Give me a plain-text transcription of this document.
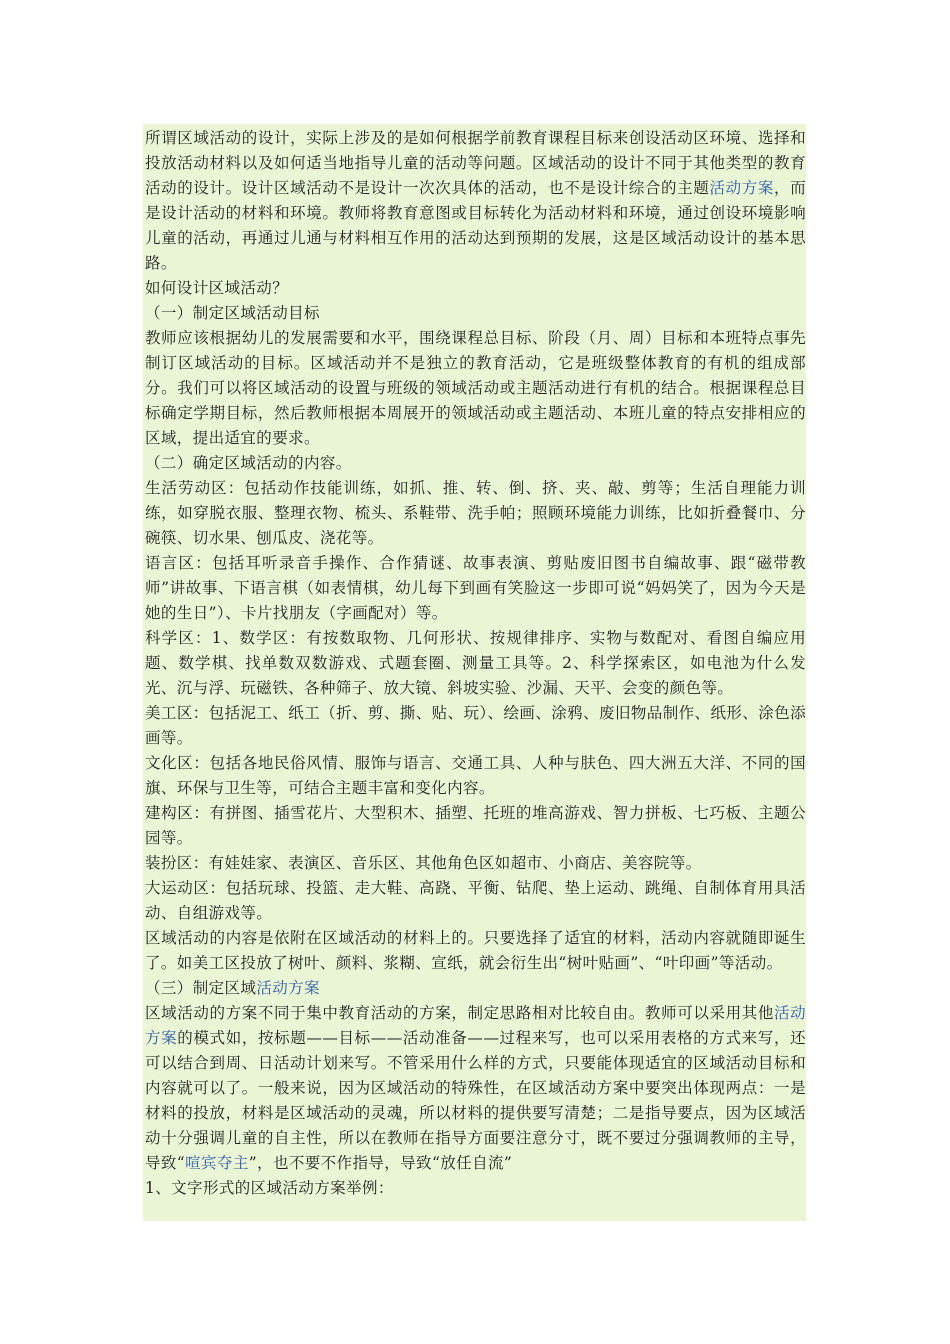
所谓区域活动的设计，实际上涉及的是如何根据学前教育课程目标来创设活动区环境、选择和投放活动材料以及如何适当地指导儿童的活动等问题。区域活动的设计不同于其他类型的教育活动的设计。设计区域活动不是设计一次次具体的活动，也不是设计综合的主题活动方案，而是设计活动的材料和环境。教师将教育意图或目标转化为活动材料和环境，通过创设环境影响儿童的活动，再通过儿通与材料相互作用的活动达到预期的发展，这是区域活动设计的基本思路。

如何设计区域活动？

（一）制定区域活动目标

教师应该根据幼儿的发展需要和水平，围绕课程总目标、阶段（月、周）目标和本班特点事先制订区域活动的目标。区域活动并不是独立的教育活动，它是班级整体教育的有机的组成部分。我们可以将区域活动的设置与班级的领域活动或主题活动进行有机的结合。根据课程总目标确定学期目标，然后教师根据本周展开的领域活动或主题活动、本班儿童的特点安排相应的区域，提出适宜的要求。

（二）确定区域活动的内容。

生活劳动区：包括动作技能训练，如抓、推、转、倒、挤、夹、敲、剪等；生活自理能力训练，如穿脱衣服、整理衣物、梳头、系鞋带、洗手帕；照顾环境能力训练，比如折叠餐巾、分碗筷、切水果、刨瓜皮、浇花等。

语言区：包括耳听录音手操作、合作猜谜、故事表演、剪贴废旧图书自编故事、跟“磁带教师”讲故事、下语言棋（如表情棋，幼儿每下到画有笑脸这一步即可说“妈妈笑了，因为今天是她的生日”）、卡片找朋友（字画配对）等。

科学区：1、数学区：有按数取物、几何形状、按规律排序、实物与数配对、看图自编应用题、数学棋、找单数双数游戏、式题套圈、测量工具等。2、科学探索区，如电池为什么发光、沉与浮、玩磁铁、各种筛子、放大镜、斜坡实验、沙漏、天平、会变的颜色等。

美工区：包括泥工、纸工（折、剪、撕、贴、玩）、绘画、涂鸦、废旧物品制作、纸形、涂色添画等。

文化区：包括各地民俗风情、服饰与语言、交通工具、人种与肤色、四大洲五大洋、不同的国旗、环保与卫生等，可结合主题丰富和变化内容。

建构区：有拼图、插雪花片、大型积木、插塑、托班的堆高游戏、智力拼板、七巧板、主题公园等。

装扮区：有娃娃家、表演区、音乐区、其他角色区如超市、小商店、美容院等。

大运动区：包括玩球、投篮、走大鞋、高跷、平衡、钻爬、垫上运动、跳绳、自制体育用具活动、自组游戏等。

区域活动的内容是依附在区域活动的材料上的。只要选择了适宜的材料，活动内容就随即诞生了。如美工区投放了树叶、颜料、浆糊、宣纸，就会衍生出“树叶贴画”、“叶印画”等活动。

（三）制定区域活动方案

区域活动的方案不同于集中教育活动的方案，制定思路相对比较自由。教师可以采用其他活动方案的模式如，按标题——目标——活动准备——过程来写，也可以采用表格的方式来写，还可以结合到周、日活动计划来写。不管采用什么样的方式，只要能体现适宜的区域活动目标和内容就可以了。一般来说，因为区域活动的特殊性，在区域活动方案中要突出体现两点：一是材料的投放，材料是区域活动的灵魂，所以材料的提供要写清楚；二是指导要点，因为区域活动十分强调儿童的自主性，所以在教师在指导方面要注意分寸，既不要过分强调教师的主导，导致“喧宾夺主”，也不要不作指导，导致“放任自流”

1、文字形式的区域活动方案举例：
